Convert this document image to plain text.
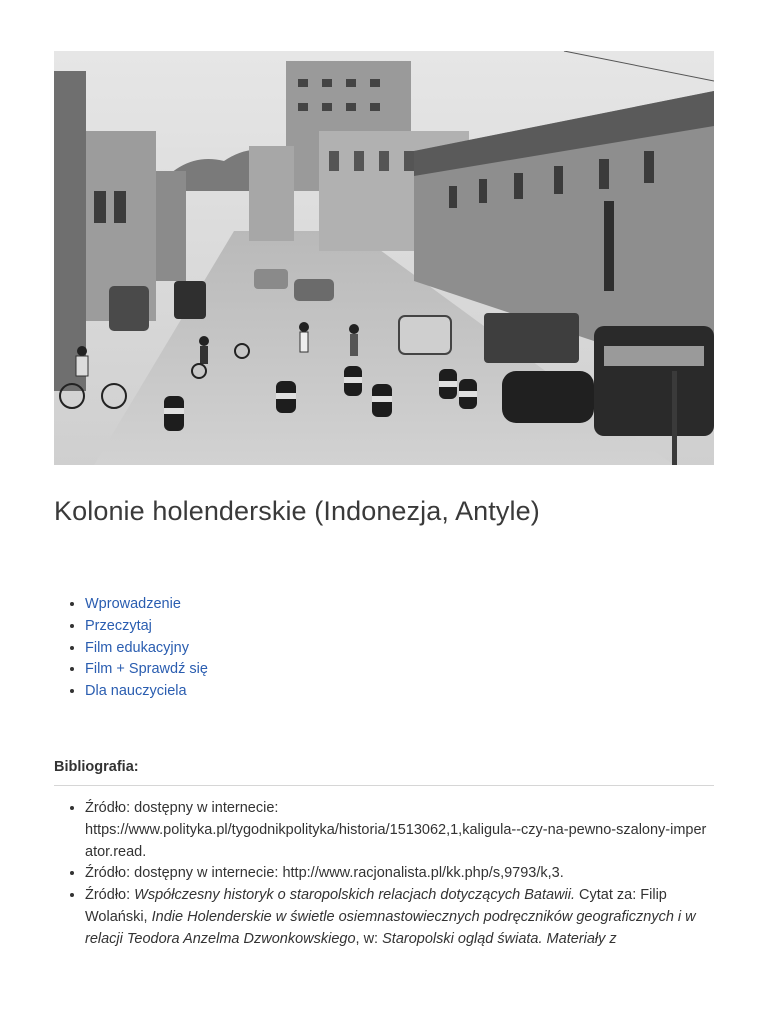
Kolonie holenderskie (Indonezja, Antyle)
• Wprowadzenie
• Przeczytaj
• Film edukacyjny
• Film + Sprawdź się
• Dla nauczyciela

Bibliografia:

• Źródło: dostępny w internecie:
https://www.polityka.pl/tygodnikpolityka/historia/1513062,1,kaligula--czy-na-pewno-szalony-imperator.read.
• Źródło: dostępny w internecie: http://www.racjonalista.pl/kk.php/s,9793/k,3.
• Źródło: Współczesny historyk o staropolskich relacjach dotyczących Batawii. Cytat za: Filip Wolański, Indie Holenderskie w świetle osiemnastowiecznych podręczników geograficznych i w relacji Teodora Anzelma Dzwonkowskiego, w: Staropolski ogląd świata. Materiały z
